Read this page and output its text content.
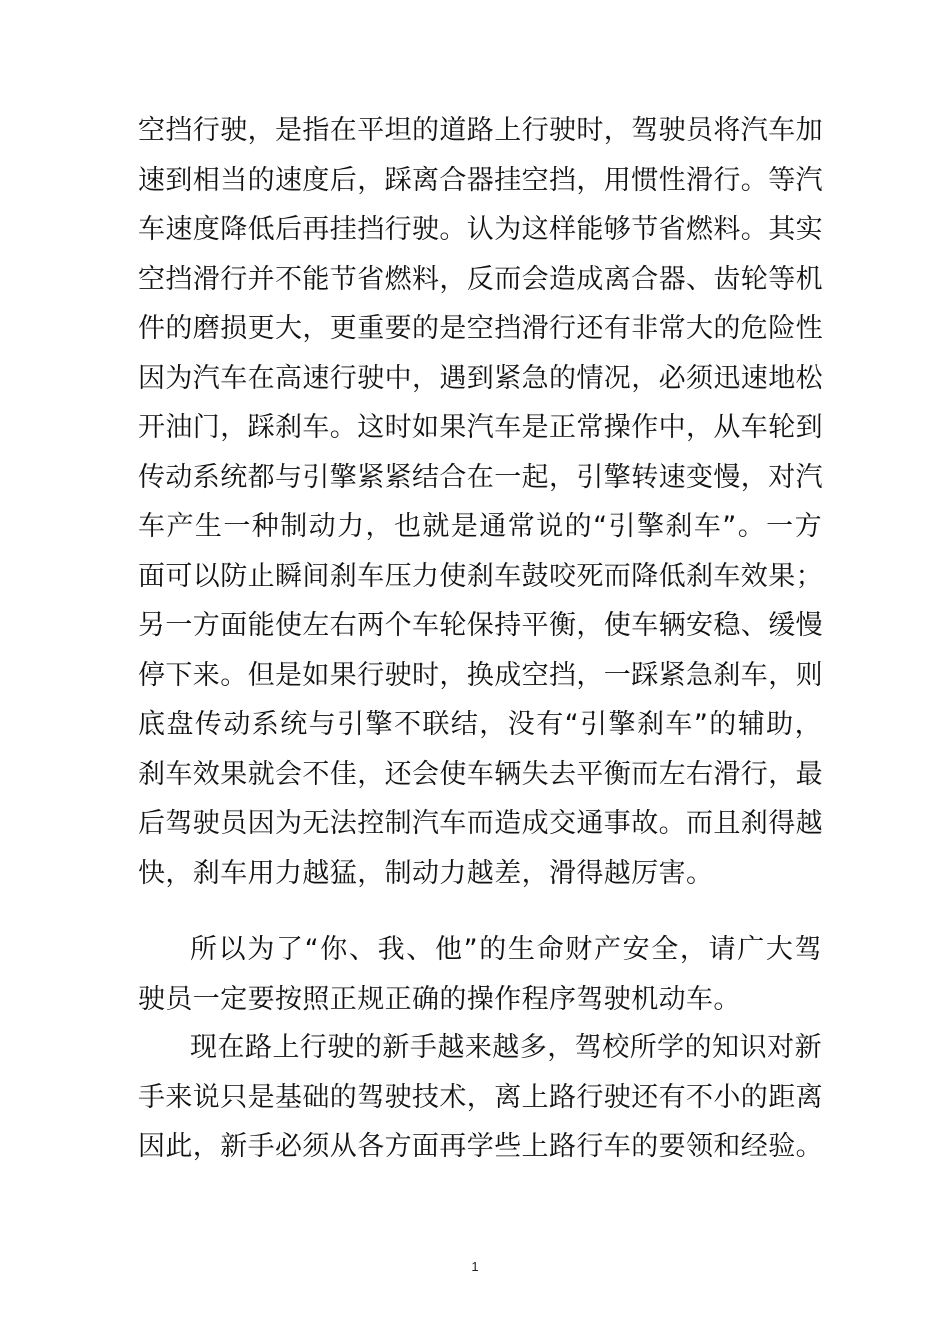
空挡行驶，是指在平坦的道路上行驶时，驾驶员将汽车加
速到相当的速度后，踩离合器挂空挡，用惯性滑行。等汽
车速度降低后再挂挡行驶。认为这样能够节省燃料。其实
空挡滑行并不能节省燃料，反而会造成离合器、齿轮等机
件的磨损更大，更重要的是空挡滑行还有非常大的危险性
因为汽车在高速行驶中，遇到紧急的情况，必须迅速地松
开油门，踩刹车。这时如果汽车是正常操作中，从车轮到
传动系统都与引擎紧紧结合在一起，引擎转速变慢，对汽
车产生一种制动力，也就是通常说的“引擎刹车”。一方
面可以防止瞬间刹车压力使刹车鼓咬死而降低刹车效果；
另一方面能使左右两个车轮保持平衡，使车辆安稳、缓慢
停下来。但是如果行驶时，换成空挡，一踩紧急刹车，则
底盘传动系统与引擎不联结，没有“引擎刹车”的辅助，
刹车效果就会不佳，还会使车辆失去平衡而左右滑行，最
后驾驶员因为无法控制汽车而造成交通事故。而且刹得越
快，刹车用力越猛，制动力越差，滑得越厉害。
所以为了“你、我、他”的生命财产安全，请广大驾
驶员一定要按照正规正确的操作程序驾驶机动车。
现在路上行驶的新手越来越多，驾校所学的知识对新
手来说只是基础的驾驶技术，离上路行驶还有不小的距离
因此，新手必须从各方面再学些上路行车的要领和经验。
1
